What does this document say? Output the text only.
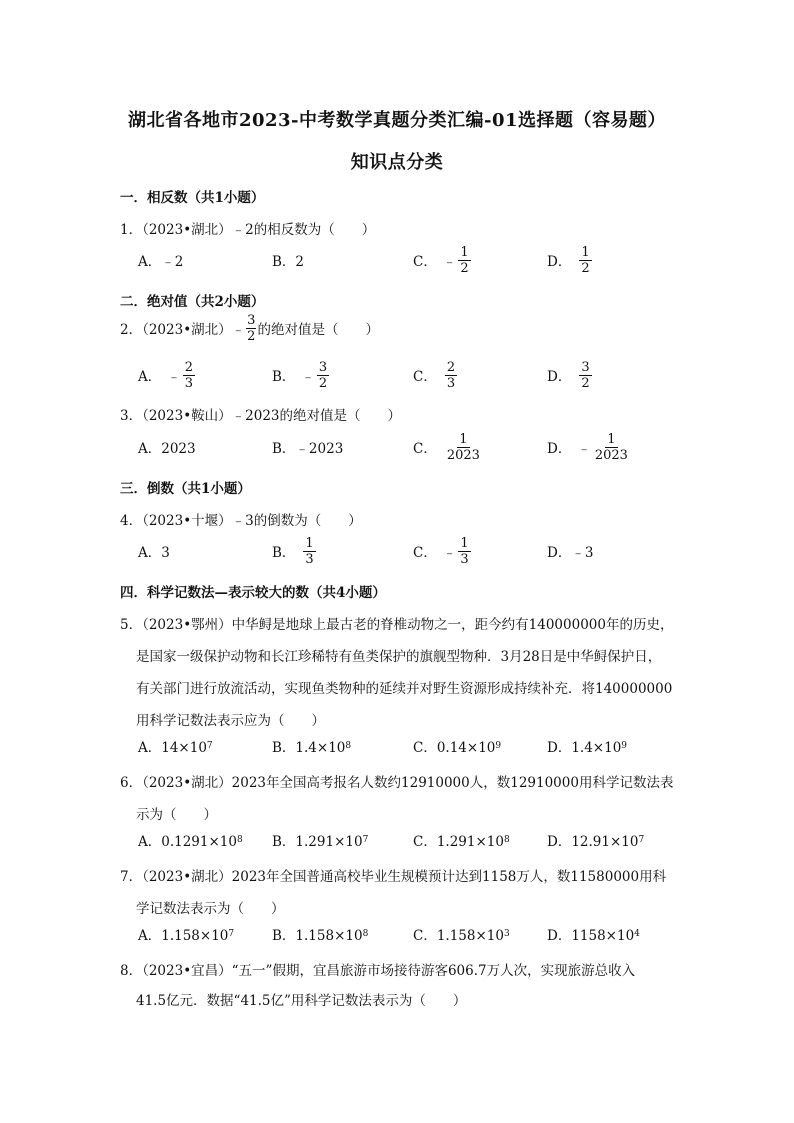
湖北省各地市2023-中考数学真题分类汇编-01选择题（容易题）
知识点分类
一．相反数（共1小题）
1．（2023•湖北）﹣2的相反数为（　　）
A．﹣2	B．2	C． ﹣ $\frac{1}{2}$	D． $\frac{1}{2}$
二．绝对值（共2小题）
2．（2023•湖北）﹣ $\frac{3}{2}$ 的绝对值是（　　）
A． ﹣ $\frac{2}{3}$	B． ﹣ $\frac{3}{2}$	C． $\frac{2}{3}$	D． $\frac{3}{2}$
3．（2023•鞍山）﹣2023的绝对值是（　　）
A．2023	B．﹣2023	C． $\frac{1}{2023}$	D． ﹣ $\frac{1}{2023}$
三．倒数（共1小题）
4．（2023•十堰）﹣3的倒数为（　　）
A．3	B． $\frac{1}{3}$	C． ﹣ $\frac{1}{3}$	D．﹣3
四．科学记数法—表示较大的数（共4小题）
5．（2023•鄂州）中华鲟是地球上最古老的脊椎动物之一，距今约有140000000年的历史，
是国家一级保护动物和长江珍稀特有鱼类保护的旗舰型物种．3月28日是中华鲟保护日，
有关部门进行放流活动，实现鱼类物种的延续并对野生资源形成持续补充．将140000000
用科学记数法表示应为（　　）
A．14×10 7	B．1.4×10 8	C．0.14×10 9	D．1.4×10 9
6．（2023•湖北）2023年全国高考报名人数约12910000人，数12910000用科学记数法表
示为（　　）
A．0.1291×10 8 B．1.291×10 7	C．1.291×10 8	D．12.91×10 7
7．（2023•湖北）2023年全国普通高校毕业生规模预计达到1158万人，数11580000用科
学记数法表示为（　　）
A．1.158×10 7	B．1.158×10 8	C．1.158×10 3	D．1158×10 4
8．（2023•宜昌）“五一”假期，宜昌旅游市场接待游客606.7万人次，实现旅游总收入
41.5亿元．数据“41.5亿”用科学记数法表示为（　　）
